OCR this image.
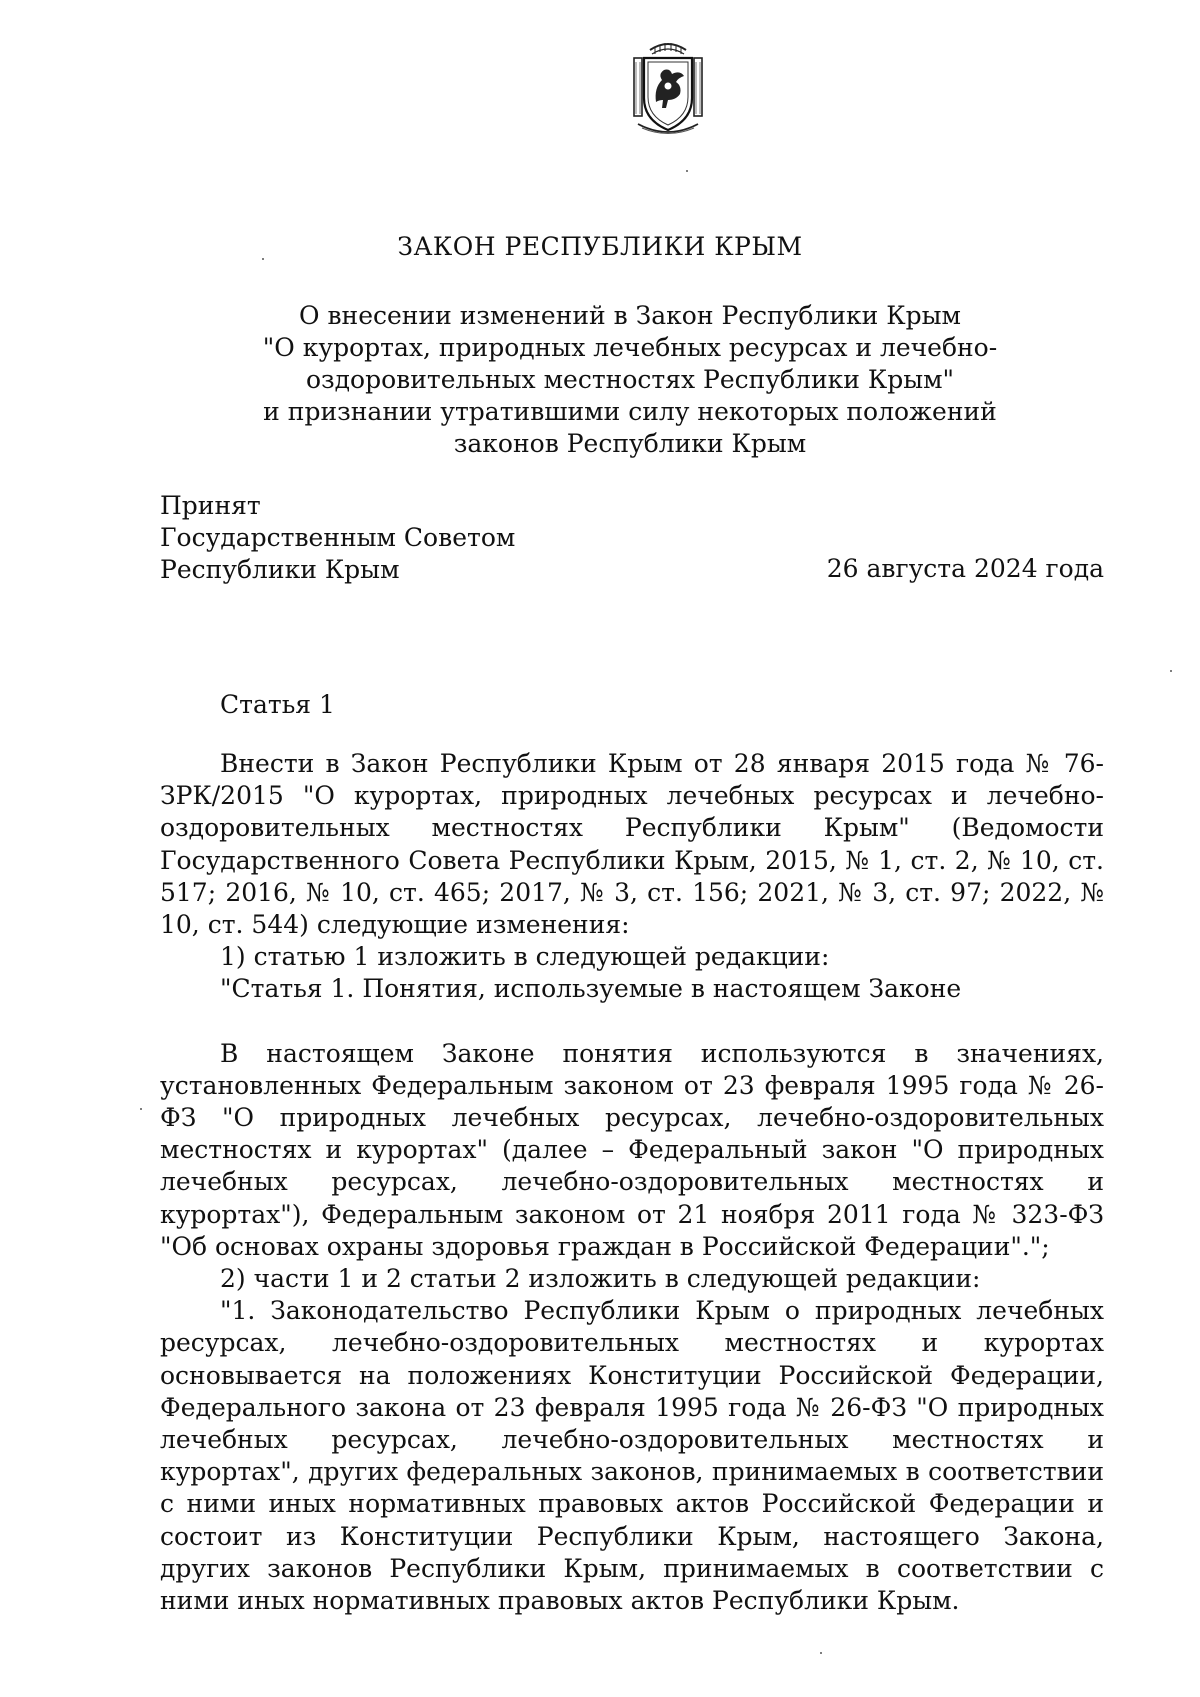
ЗАКОН РЕСПУБЛИКИ КРЫМ
О внесении изменений в Закон Республики Крым
"О курортах, природных лечебных ресурсах и лечебно-
оздоровительных местностях Республики Крым"
и признании утратившими силу некоторых положений
законов Республики Крым
Принят
Государственным Советом
Республики Крым	26 августа 2024 года
Статья 1

Внести в Закон Республики Крым от 28 января 2015 года № 76-ЗРК/2015 "О курортах, природных лечебных ресурсах и лечебно-оздоровительных местностях Республики Крым" (Ведомости Государственного Совета Республики Крым, 2015, № 1, ст. 2, № 10, ст. 517; 2016, № 10, ст. 465; 2017, № 3, ст. 156; 2021, № 3, ст. 97; 2022, № 10, ст. 544) следующие изменения:

1) статью 1 изложить в следующей редакции:

"Статья 1. Понятия, используемые в настоящем Законе

В настоящем Законе понятия используются в значениях, установленных Федеральным законом от 23 февраля 1995 года № 26-ФЗ "О природных лечебных ресурсах, лечебно-оздоровительных местностях и курортах" (далее – Федеральный закон "О природных лечебных ресурсах, лечебно-оздоровительных местностях и курортах"), Федеральным законом от 21 ноября 2011 года № 323-ФЗ "Об основах охраны здоровья граждан в Российской Федерации".";

2) части 1 и 2 статьи 2 изложить в следующей редакции:

"1. Законодательство Республики Крым о природных лечебных ресурсах, лечебно-оздоровительных местностях и курортах основывается на положениях Конституции Российской Федерации, Федерального закона от 23 февраля 1995 года № 26-ФЗ "О природных лечебных ресурсах, лечебно-оздоровительных местностях и курортах", других федеральных законов, принимаемых в соответствии с ними иных нормативных правовых актов Российской Федерации и состоит из Конституции Республики Крым, настоящего Закона, других законов Республики Крым, принимаемых в соответствии с ними иных нормативных правовых актов Республики Крым.
